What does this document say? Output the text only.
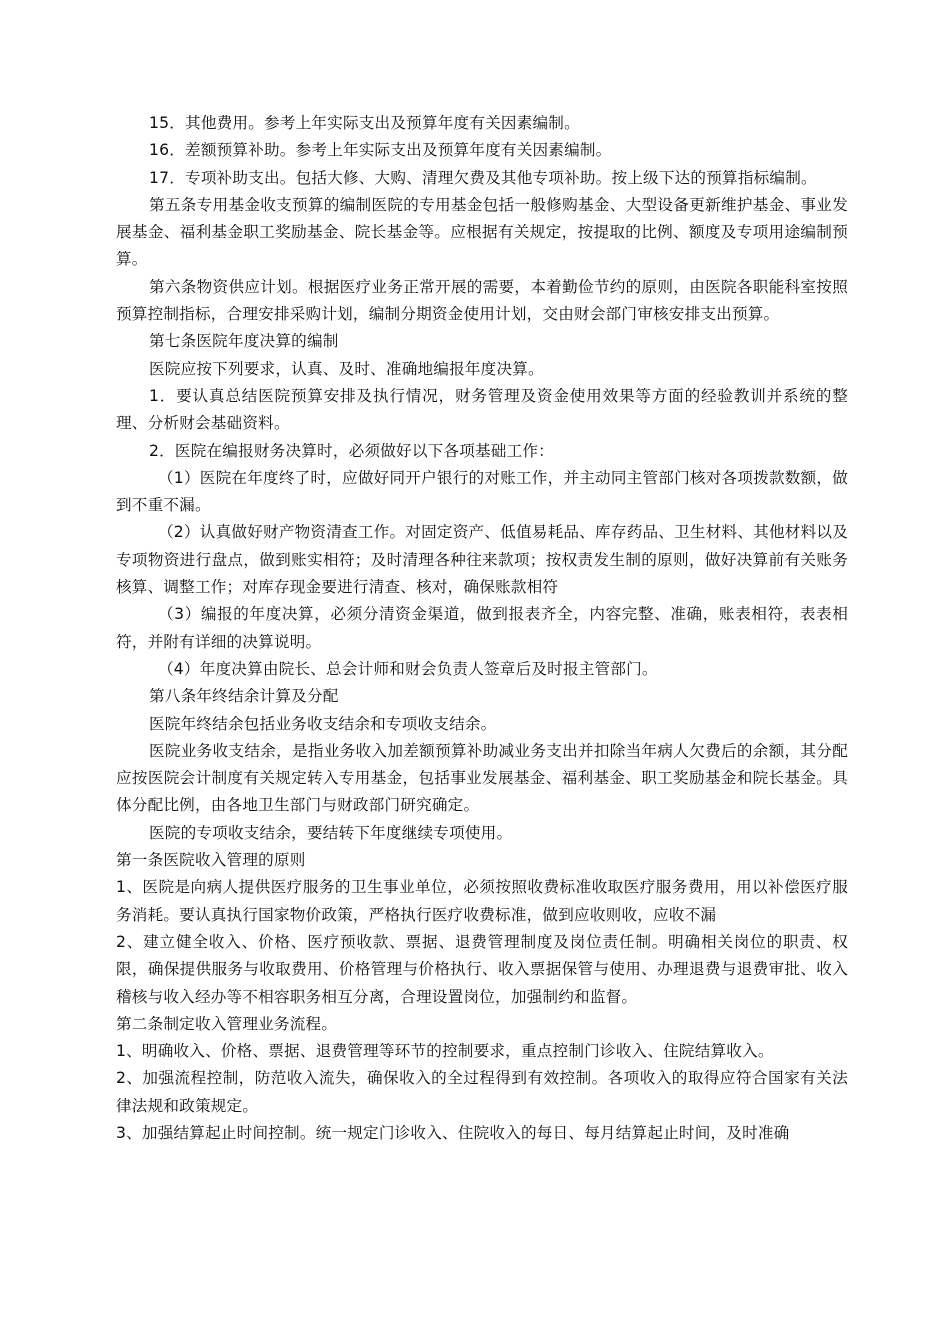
15．其他费用。参考上年实际支出及预算年度有关因素编制。

16．差额预算补助。参考上年实际支出及预算年度有关因素编制。

17．专项补助支出。包括大修、大购、清理欠费及其他专项补助。按上级下达的预算指标编制。

第五条专用基金收支预算的编制医院的专用基金包括一般修购基金、大型设备更新维护基金、事业发展基金、福利基金职工奖励基金、院长基金等。应根据有关规定，按提取的比例、额度及专项用途编制预算。

第六条物资供应计划。根据医疗业务正常开展的需要，本着勤俭节约的原则，由医院各职能科室按照预算控制指标，合理安排采购计划，编制分期资金使用计划，交由财会部门审核安排支出预算。

第七条医院年度决算的编制

医院应按下列要求，认真、及时、准确地编报年度决算。

1．要认真总结医院预算安排及执行情况，财务管理及资金使用效果等方面的经验教训并系统的整理、分析财会基础资料。

2．医院在编报财务决算时，必须做好以下各项基础工作：

（1）医院在年度终了时，应做好同开户银行的对账工作，并主动同主管部门核对各项拨款数额，做到不重不漏。

（2）认真做好财产物资清查工作。对固定资产、低值易耗品、库存药品、卫生材料、其他材料以及专项物资进行盘点，做到账实相符；及时清理各种往来款项；按权责发生制的原则，做好决算前有关账务核算、调整工作；对库存现金要进行清查、核对，确保账款相符

（3）编报的年度决算，必须分清资金渠道，做到报表齐全，内容完整、准确，账表相符，表表相符，并附有详细的决算说明。

（4）年度决算由院长、总会计师和财会负责人签章后及时报主管部门。

第八条年终结余计算及分配

医院年终结余包括业务收支结余和专项收支结余。

医院业务收支结余，是指业务收入加差额预算补助减业务支出并扣除当年病人欠费后的余额，其分配应按医院会计制度有关规定转入专用基金，包括事业发展基金、福利基金、职工奖励基金和院长基金。具体分配比例，由各地卫生部门与财政部门研究确定。

医院的专项收支结余，要结转下年度继续专项使用。

第一条医院收入管理的原则

1、医院是向病人提供医疗服务的卫生事业单位，必须按照收费标准收取医疗服务费用，用以补偿医疗服务消耗。要认真执行国家物价政策，严格执行医疗收费标准，做到应收则收，应收不漏

2、建立健全收入、价格、医疗预收款、票据、退费管理制度及岗位责任制。明确相关岗位的职责、权限，确保提供服务与收取费用、价格管理与价格执行、收入票据保管与使用、办理退费与退费审批、收入稽核与收入经办等不相容职务相互分离，合理设置岗位，加强制约和监督。

第二条制定收入管理业务流程。

1、明确收入、价格、票据、退费管理等环节的控制要求，重点控制门诊收入、住院结算收入。

2、加强流程控制，防范收入流失，确保收入的全过程得到有效控制。各项收入的取得应符合国家有关法律法规和政策规定。

3、加强结算起止时间控制。统一规定门诊收入、住院收入的每日、每月结算起止时间，及时准确
